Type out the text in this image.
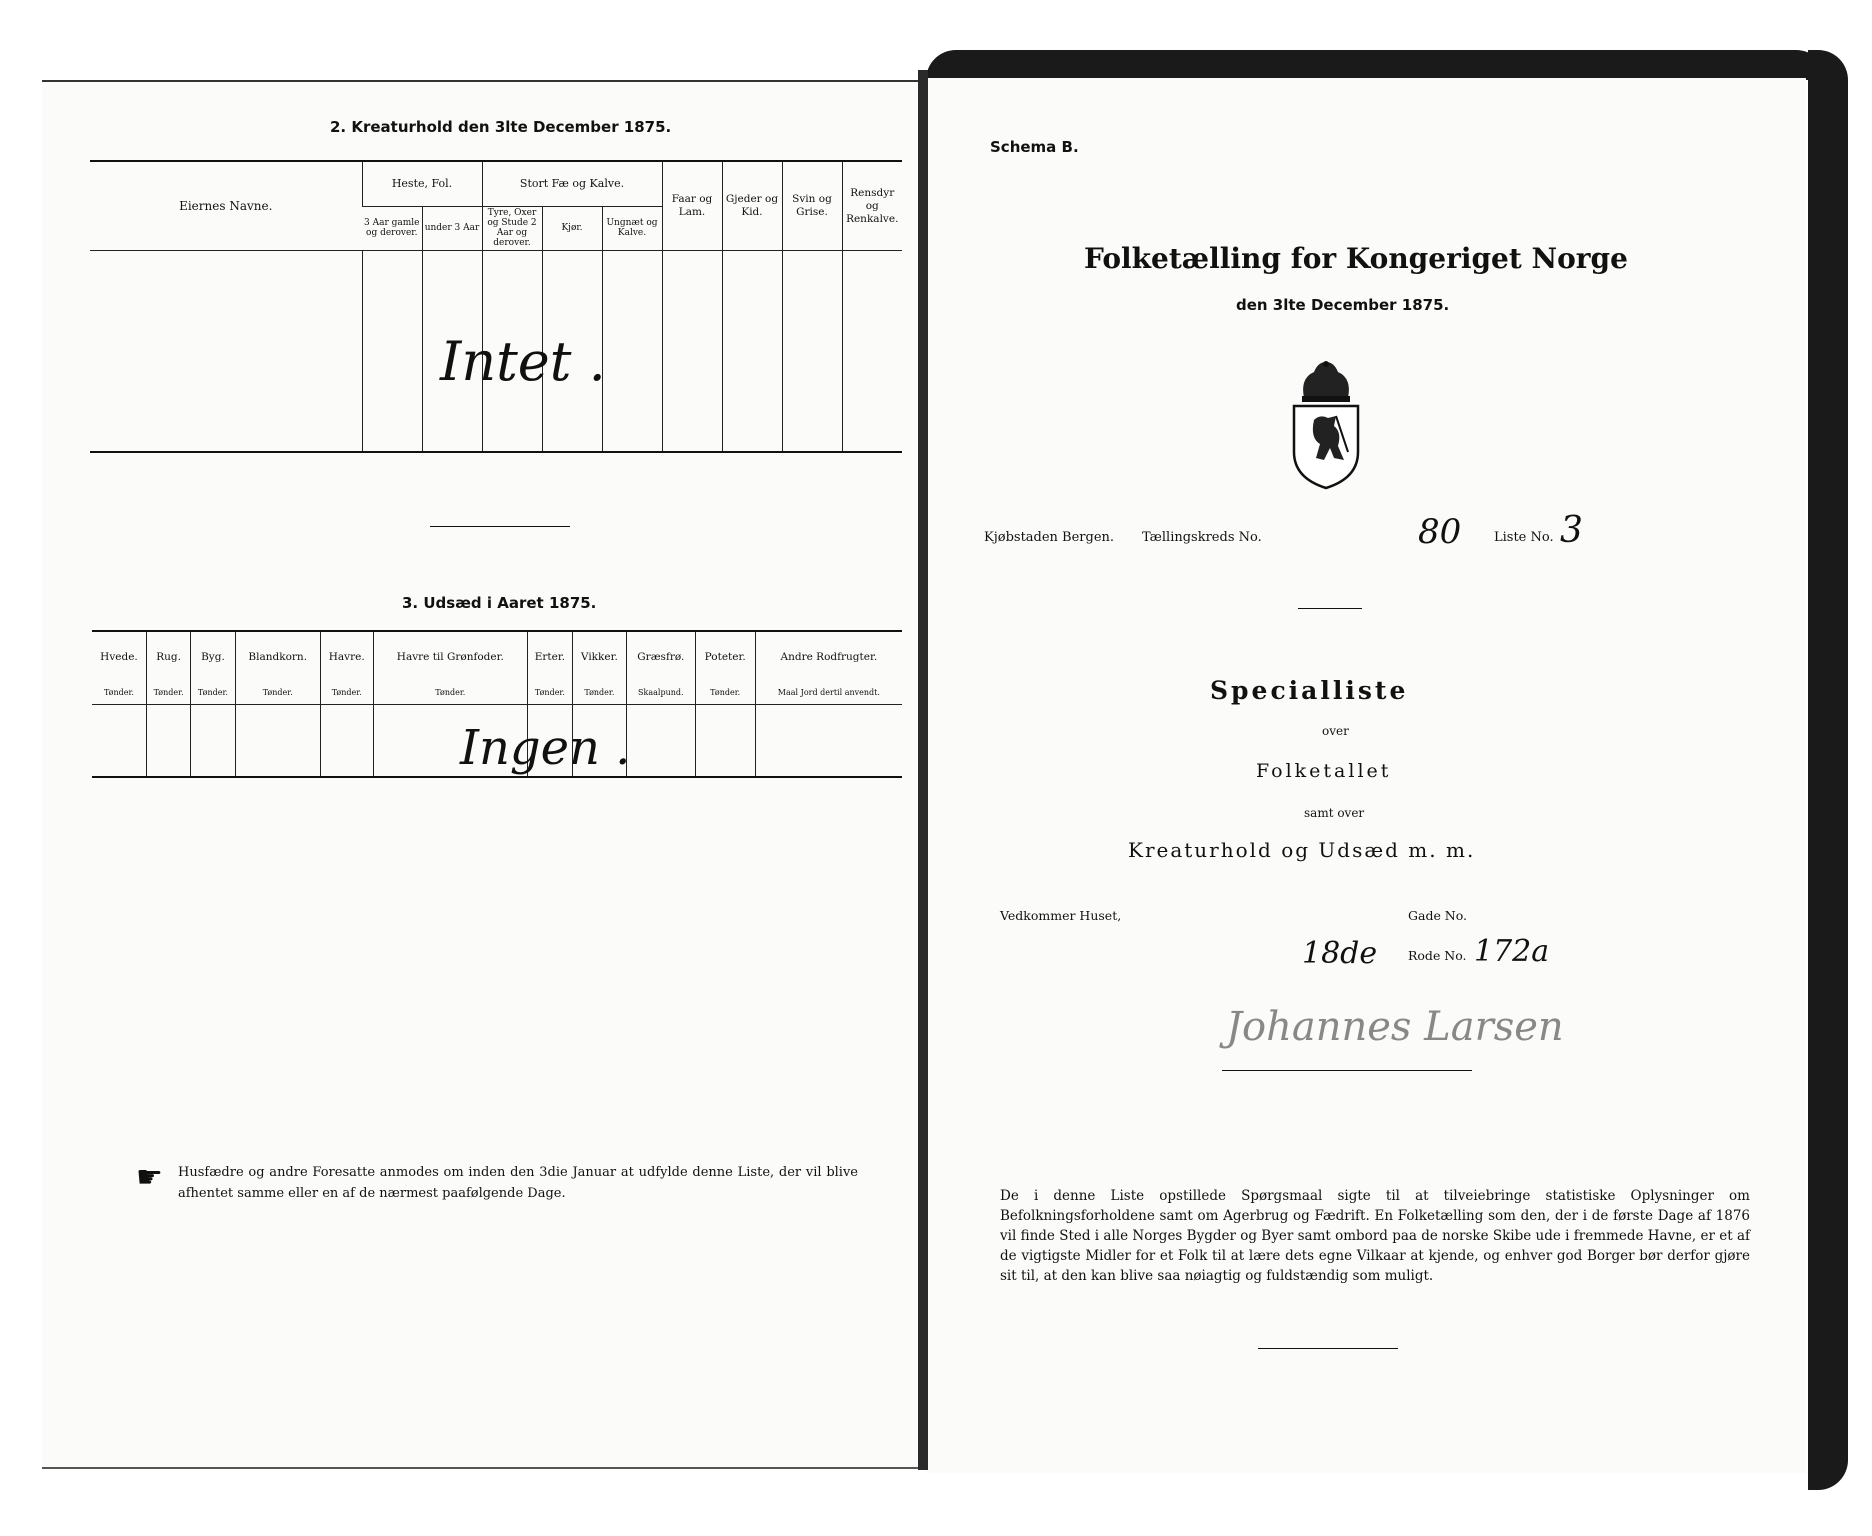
2. Kreaturhold den 3lte December 1875.
Eiernes Navne.	Heste, Fol.		Stort Fæ og Kalve.			Faar og Lam.	Gjeder og Kid.	Svin og Grise.	Rensdyr og Renkalve.
	3 Aar gamle og derover.	under 3 Aar	Tyre, Oxer og Stude 2 Aar og derover.	Kjør.	Ungnæt og Kalve.				

Intet .
3. Udsæd i Aaret 1875.
Hvede.	Rug.	Byg.	Blandkorn.	Havre.	Havre til Grønfoder.	Erter.	Vikker.	Græsfrø.	Poteter.	Andre Rodfrugter.
Tønder.	Tønder.	Tønder.	Tønder.	Tønder.	Tønder.	Tønder.	Tønder.	Skaalpund.	Tønder.	Maal Jord dertil anvendt.

Ingen .
☛ Husfædre og andre Foresatte anmodes om inden den 3die Januar at udfylde denne Liste, der vil blive afhentet samme eller en af de nærmest paafølgende Dage.
Schema B.
Folketælling for Kongeriget Norge
den 3lte December 1875.
Kjøbstaden Bergen. Tællingskreds No.	80	Liste No. 3
Specialliste
over
Folketallet
samt over
Kreaturhold og Udsæd m. m.
Vedkommer Huset,	Gade No.
18de Rode No. 172a
Johannes Larsen
De i denne Liste opstillede Spørgsmaal sigte til at tilveiebringe statistiske Oplysninger om Befolkningsforholdene samt om Agerbrug og Fædrift. En Folketælling som den, der i de første Dage af 1876 vil finde Sted i alle Norges Bygder og Byer samt ombord paa de norske Skibe ude i fremmede Havne, er et af de vigtigste Midler for et Folk til at lære dets egne Vilkaar at kjende, og enhver god Borger bør derfor gjøre sit til, at den kan blive saa nøiagtig og fuldstændig som muligt.
